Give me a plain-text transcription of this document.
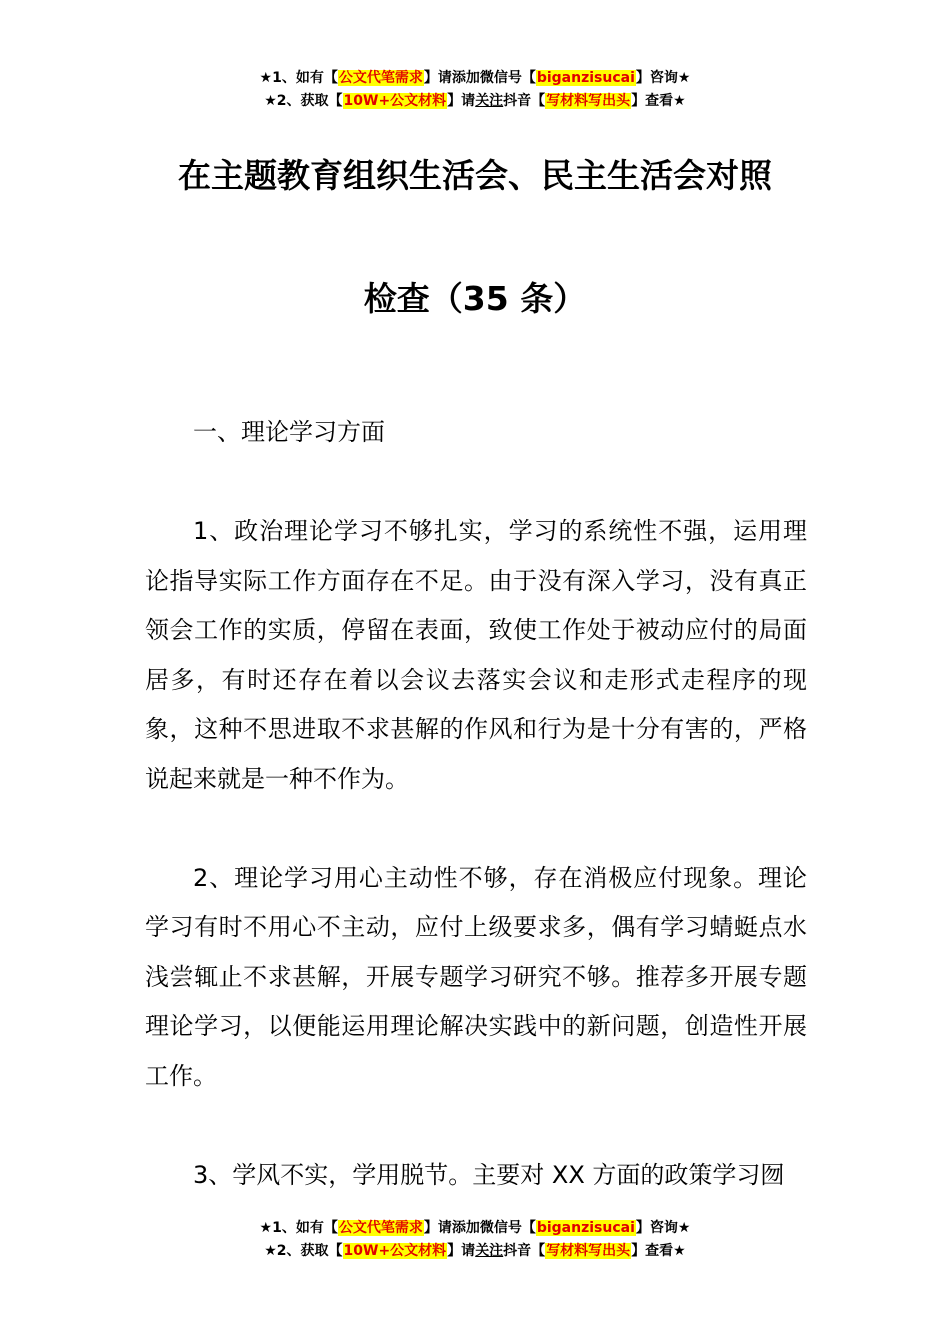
★1、如有【公文代笔需求】请添加微信号【biganzisucai】咨询★
★2、获取【10W+公文材料】请关注抖音【写材料写出头】查看★
在主题教育组织生活会、民主生活会对照
检查（35 条）

一、理论学习方面

1、政治理论学习不够扎实，学习的系统性不强，运用理论指导实际工作方面存在不足。由于没有深入学习，没有真正领会工作的实质，停留在表面，致使工作处于被动应付的局面居多，有时还存在着以会议去落实会议和走形式走程序的现象，这种不思进取不求甚解的作风和行为是十分有害的，严格说起来就是一种不作为。

2、理论学习用心主动性不够，存在消极应付现象。理论学习有时不用心不主动，应付上级要求多，偶有学习蜻蜓点水浅尝辄止不求甚解，开展专题学习研究不够。推荐多开展专题理论学习，以便能运用理论解决实践中的新问题，创造性开展工作。

3、学风不实，学用脱节。主要对 XX 方面的政策学习囫

★1、如有【公文代笔需求】请添加微信号【biganzisucai】咨询★
★2、获取【10W+公文材料】请关注抖音【写材料写出头】查看★
